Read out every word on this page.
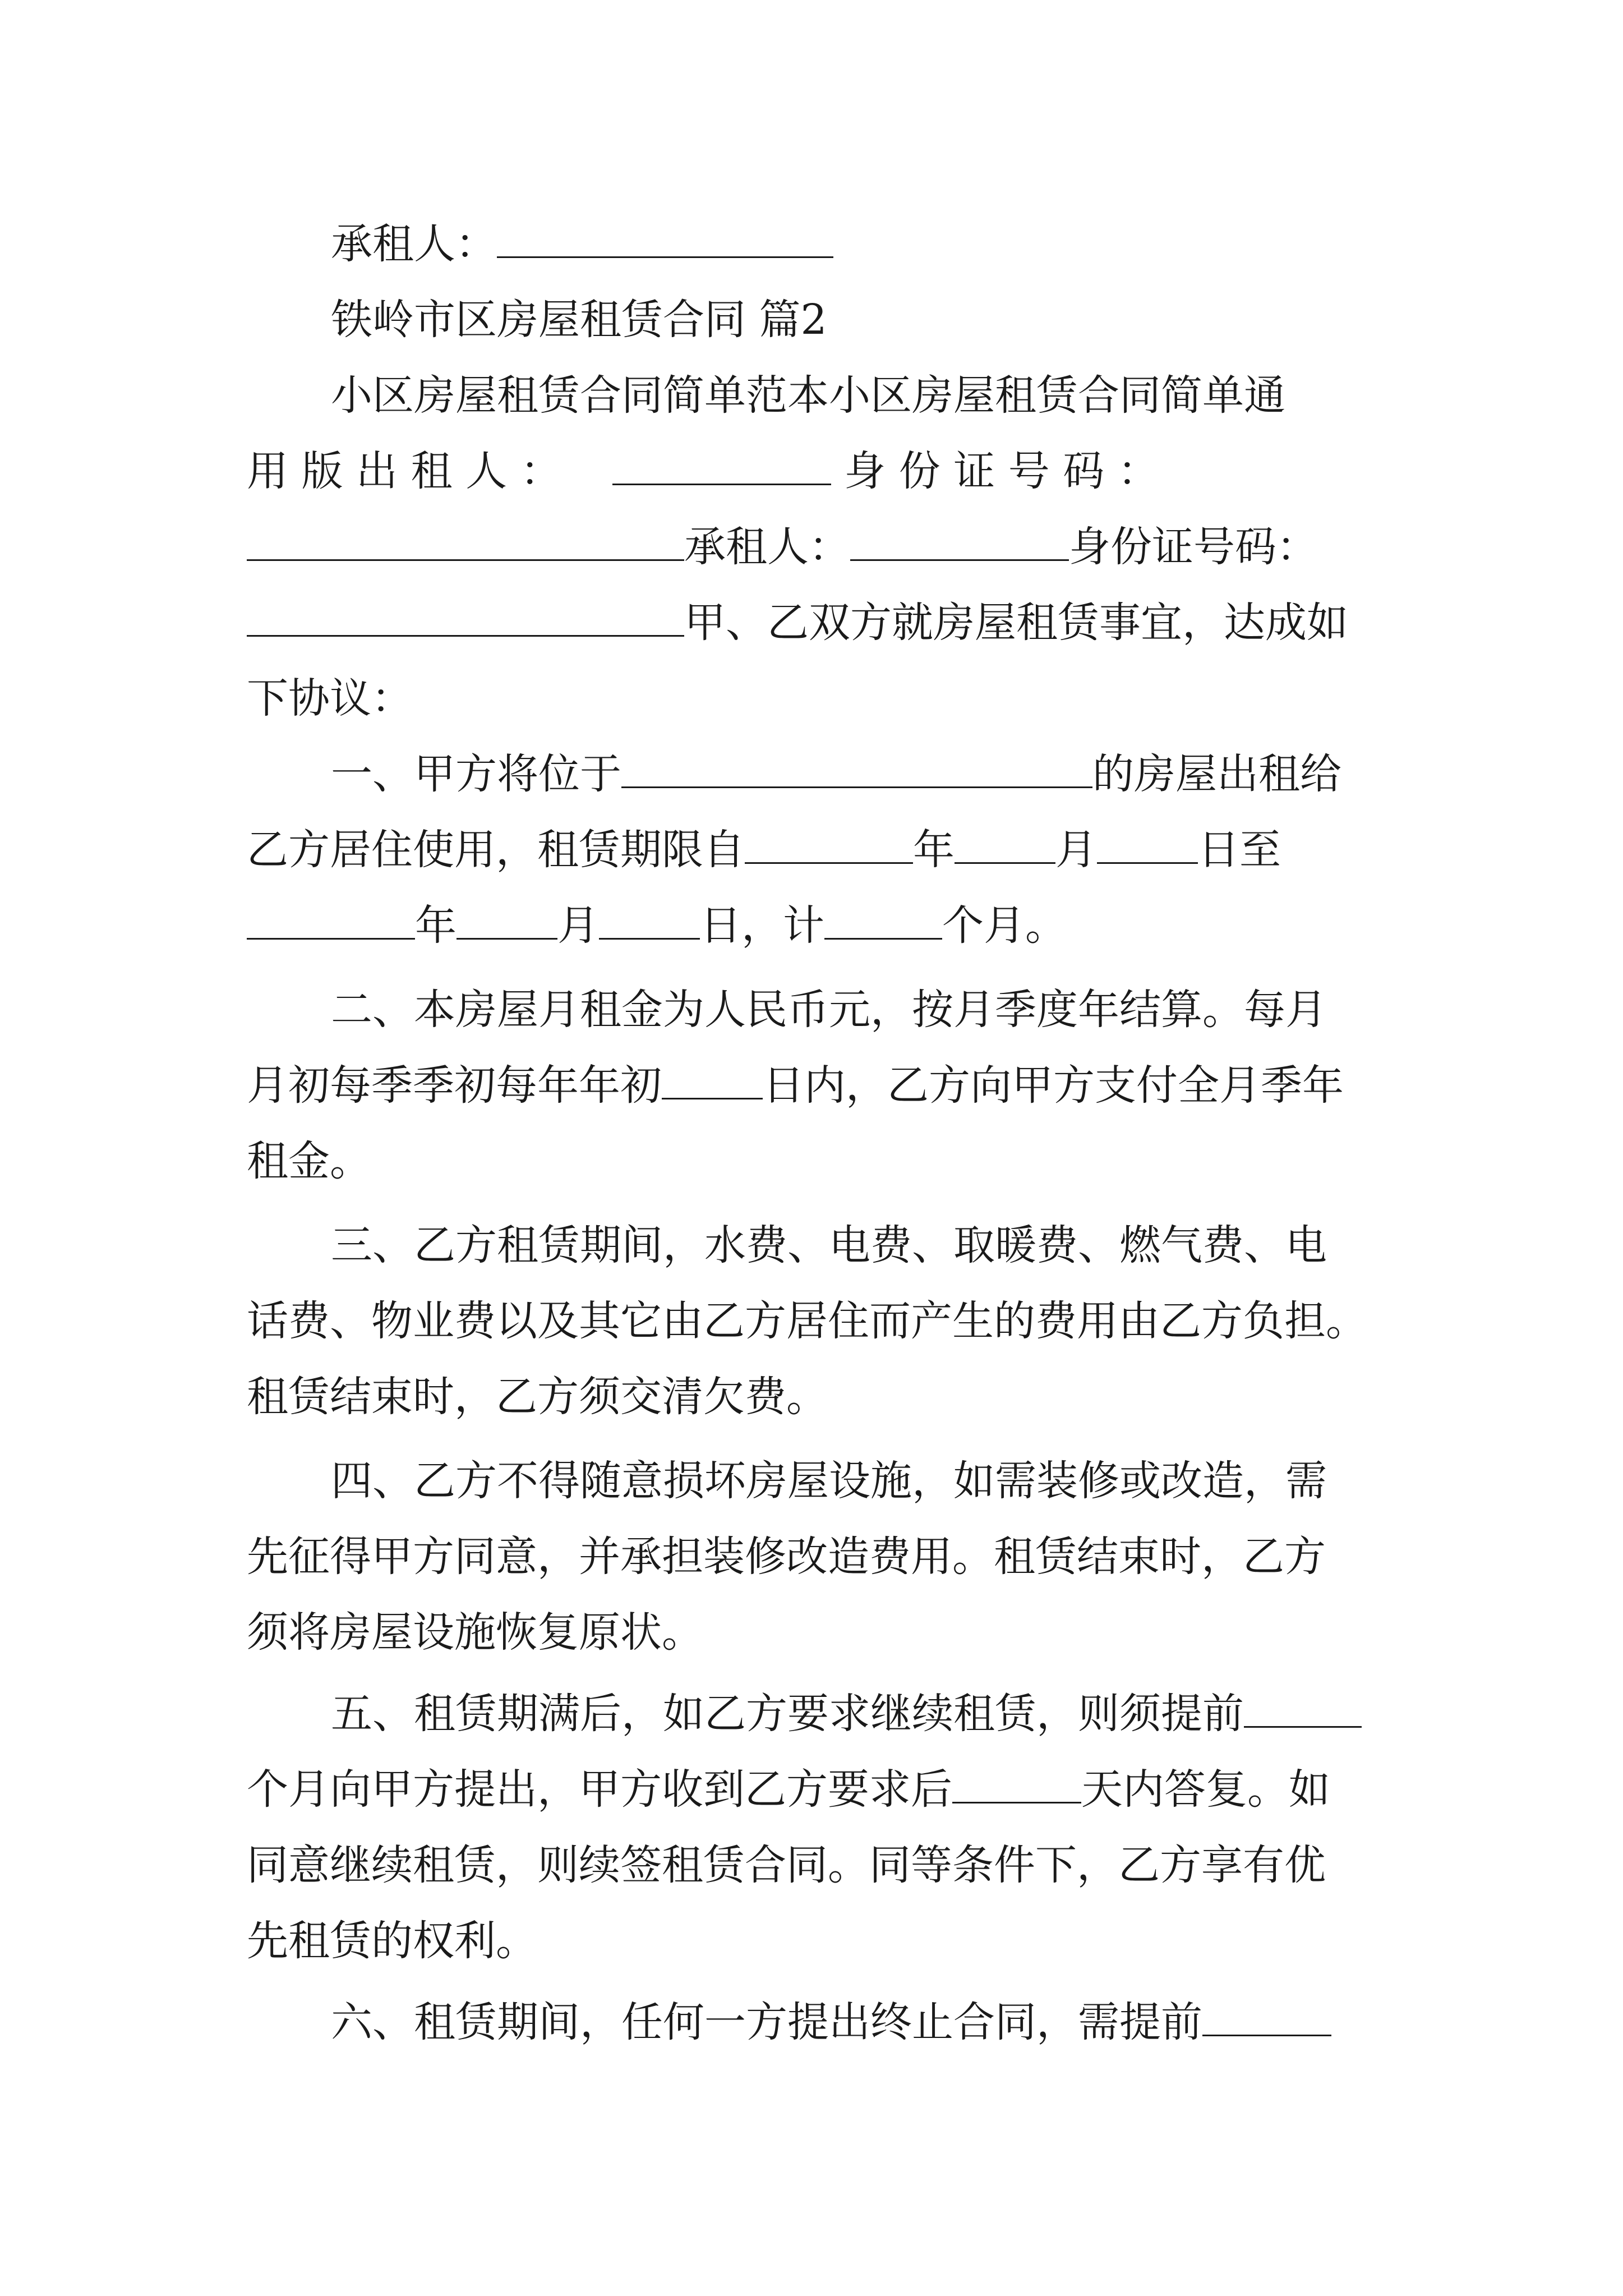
承租人：
铁岭市区房屋租赁合同 篇2
小区房屋租赁合同简单范本小区房屋租赁合同简单通
用 版 出 租 人 ：	身 份 证 号 码 ：
承租人：	身份证号码：
甲、乙双方就房屋租赁事宜，达成如
下协议：
一、甲方将位于	的房屋出租给
乙方居住使用，租赁期限自	年 月 日至
年 月 日，计	个月。
二、本房屋月租金为人民币元，按月季度年结算。每月
月初每季季初每年年初 日内，乙方向甲方支付全月季年
租金。
三、乙方租赁期间，水费、电费、取暖费、燃气费、电
话费、物业费以及其它由乙方居住而产生的费用由乙方负担。
租赁结束时，乙方须交清欠费。
四、乙方不得随意损坏房屋设施，如需装修或改造，需
先征得甲方同意，并承担装修改造费用。租赁结束时，乙方
须将房屋设施恢复原状。
五、租赁期满后，如乙方要求继续租赁，则须提前
个月向甲方提出，甲方收到乙方要求后	天内答复。如
同意继续租赁，则续签租赁合同。同等条件下，乙方享有优
先租赁的权利。
六、租赁期间，任何一方提出终止合同，需提前
